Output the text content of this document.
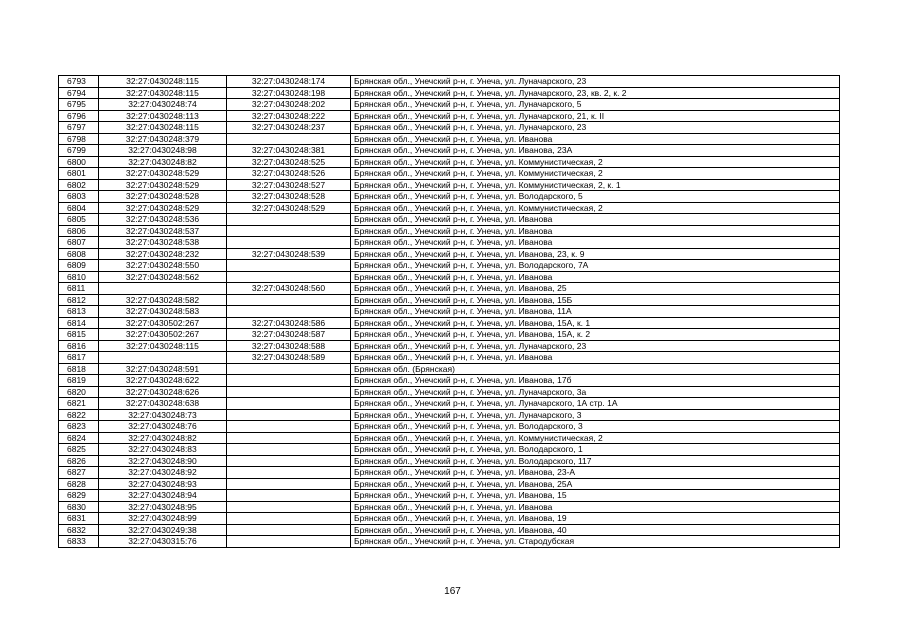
6793	32:27:0430248:115	32:27:0430248:174	Брянская обл., Унечский р-н, г. Унеча, ул. Луначарского, 23
6794	32:27:0430248:115	32:27:0430248:198	Брянская обл., Унечский р-н, г. Унеча, ул. Луначарского, 23, кв. 2, к. 2
6795	32:27:0430248:74	32:27:0430248:202	Брянская обл., Унечский р-н, г. Унеча, ул. Луначарского, 5
6796	32:27:0430248:113	32:27:0430248:222	Брянская обл., Унечский р-н, г. Унеча, ул. Луначарского, 21, к. II
6797	32:27:0430248:115	32:27:0430248:237	Брянская обл., Унечский р-н, г. Унеча, ул. Луначарского, 23
6798	32:27:0430248:379		Брянская обл., Унечский р-н, г. Унеча, ул. Иванова
6799	32:27:0430248:98	32:27:0430248:381	Брянская обл., Унечский р-н, г. Унеча, ул. Иванова, 23А
6800	32:27:0430248:82	32:27:0430248:525	Брянская обл., Унечский р-н, г. Унеча, ул. Коммунистическая, 2
6801	32:27:0430248:529	32:27:0430248:526	Брянская обл., Унечский р-н, г. Унеча, ул. Коммунистическая, 2
6802	32:27:0430248:529	32:27:0430248:527	Брянская обл., Унечский р-н, г. Унеча, ул. Коммунистическая, 2, к. 1
6803	32:27:0430248:528	32:27:0430248:528	Брянская обл., Унечский р-н, г. Унеча, ул. Володарского, 5
6804	32:27:0430248:529	32:27:0430248:529	Брянская обл., Унечский р-н, г. Унеча, ул. Коммунистическая, 2
6805	32:27:0430248:536		Брянская обл., Унечский р-н, г. Унеча, ул. Иванова
6806	32:27:0430248:537		Брянская обл., Унечский р-н, г. Унеча, ул. Иванова
6807	32:27:0430248:538		Брянская обл., Унечский р-н, г. Унеча, ул. Иванова
6808	32:27:0430248:232	32:27:0430248:539	Брянская обл., Унечский р-н, г. Унеча, ул. Иванова, 23, к. 9
6809	32:27:0430248:550		Брянская обл., Унечский р-н, г. Унеча, ул. Володарского, 7А
6810	32:27:0430248:562		Брянская обл., Унечский р-н, г. Унеча, ул. Иванова
6811		32:27:0430248:560	Брянская обл., Унечский р-н, г. Унеча, ул. Иванова, 25
6812	32:27:0430248:582		Брянская обл., Унечский р-н, г. Унеча, ул. Иванова, 15Б
6813	32:27:0430248:583		Брянская обл., Унечский р-н, г. Унеча, ул. Иванова, 11А
6814	32:27:0430502:267	32:27:0430248:586	Брянская обл., Унечский р-н, г. Унеча, ул. Иванова, 15А, к. 1
6815	32:27:0430502:267	32:27:0430248:587	Брянская обл., Унечский р-н, г. Унеча, ул. Иванова, 15А, к. 2
6816	32:27:0430248:115	32:27:0430248:588	Брянская обл., Унечский р-н, г. Унеча, ул. Луначарского, 23
6817		32:27:0430248:589	Брянская обл., Унечский р-н, г. Унеча, ул. Иванова
6818	32:27:0430248:591		Брянская обл. (Брянская)
6819	32:27:0430248:622		Брянская обл., Унечский р-н, г. Унеча, ул. Иванова, 17б
6820	32:27:0430248:626		Брянская обл., Унечский р-н, г. Унеча, ул. Луначарского, 3а
6821	32:27:0430248:638		Брянская обл., Унечский р-н, г. Унеча, ул. Луначарского, 1А стр. 1А
6822	32:27:0430248:73		Брянская обл., Унечский р-н, г. Унеча, ул. Луначарского, 3
6823	32:27:0430248:76		Брянская обл., Унечский р-н, г. Унеча, ул. Володарского, 3
6824	32:27:0430248:82		Брянская обл., Унечский р-н, г. Унеча, ул. Коммунистическая, 2
6825	32:27:0430248:83		Брянская обл., Унечский р-н, г. Унеча, ул. Володарского, 1
6826	32:27:0430248:90		Брянская обл., Унечский р-н, г. Унеча, ул. Володарского, 117
6827	32:27:0430248:92		Брянская обл., Унечский р-н, г. Унеча, ул. Иванова, 23-А
6828	32:27:0430248:93		Брянская обл., Унечский р-н, г. Унеча, ул. Иванова, 25А
6829	32:27:0430248:94		Брянская обл., Унечский р-н, г. Унеча, ул. Иванова, 15
6830	32:27:0430248:95		Брянская обл., Унечский р-н, г. Унеча, ул. Иванова
6831	32:27:0430248:99		Брянская обл., Унечский р-н, г. Унеча, ул. Иванова, 19
6832	32:27:0430249:38		Брянская обл., Унечский р-н, г. Унеча, ул. Иванова, 40
6833	32:27:0430315:76		Брянская обл., Унечский р-н, г. Унеча, ул. Стародубская
167
